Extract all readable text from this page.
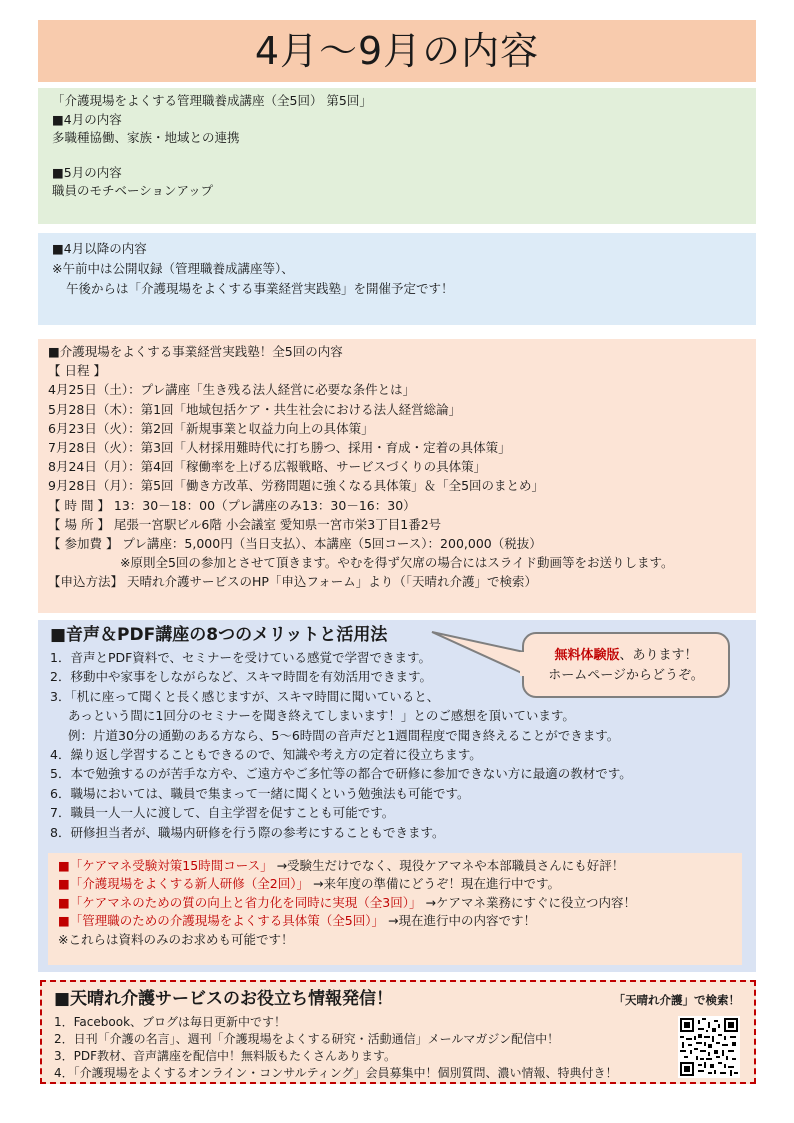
4月～9月の内容
「介護現場をよくする管理職養成講座（全5回） 第5回」
■4月の内容
多職種協働、家族・地域との連携
■5月の内容
職員のモチベーションアップ
■4月以降の内容
※午前中は公開収録（管理職養成講座等）、
午後からは「介護現場をよくする事業経営実践塾」を開催予定です！
■介護現場をよくする事業経営実践塾！全5回の内容
【 日程 】
4月25日（土）：プレ講座「生き残る法人経営に必要な条件とは」
5月28日（木）：第1回「地域包括ケア・共生社会における法人経営総論」
6月23日（火）：第2回「新規事業と収益力向上の具体策」
7月28日（火）：第3回「人材採用難時代に打ち勝つ、採用・育成・定着の具体策」
8月24日（月）：第4回「稼働率を上げる広報戦略、サービスづくりの具体策」
9月28日（月）：第5回「働き方改革、労務問題に強くなる具体策」＆「全5回のまとめ」
【 時 間 】 13：30－18：00（プレ講座のみ13：30－16：30）
【 場 所 】 尾張一宮駅ビル6階 小会議室 愛知県一宮市栄3丁目1番2号
【 参加費 】 プレ講座：5,000円（当日支払）、本講座（5回コース）：200,000（税抜）
※原則全5回の参加とさせて頂きます。やむを得ず欠席の場合にはスライド動画等をお送りします。
【申込方法】 天晴れ介護サービスのHP「申込フォーム」より（「天晴れ介護」で検索）
■音声＆PDF講座の8つのメリットと活用法
1．音声とPDF資料で、セミナーを受けている感覚で学習できます。
2．移動中や家事をしながらなど、スキマ時間を有効活用できます。
3．「机に座って聞くと長く感じますが、スキマ時間に聞いていると、
あっという間に1回分のセミナーを聞き終えてしまいます！」とのご感想を頂いています。
例：片道30分の通勤のある方なら、5～6時間の音声だと1週間程度で聞き終えることができます。
4．繰り返し学習することもできるので、知識や考え方の定着に役立ちます。
5．本で勉強するのが苦手な方や、ご遠方やご多忙等の都合で研修に参加できない方に最適の教材です。
6．職場においては、職員で集まって一緒に聞くという勉強法も可能です。
7．職員一人一人に渡して、自主学習を促すことも可能です。
8．研修担当者が、職場内研修を行う際の参考にすることもできます。
■「ケアマネ受験対策15時間コース」 →受験生だけでなく、現役ケアマネや本部職員さんにも好評！
■「介護現場をよくする新人研修（全2回）」 →来年度の準備にどうぞ！現在進行中です。
■「ケアマネのための質の向上と省力化を同時に実現（全3回）」 →ケアマネ業務にすぐに役立つ内容！
■「管理職のための介護現場をよくする具体策（全5回）」 →現在進行中の内容です！
※これらは資料のみのお求めも可能です！
無料体験版、あります！
ホームページからどうぞ。
■天晴れ介護サービスのお役立ち情報発信！
1．Facebook、ブログは毎日更新中です！
2．日刊「介護の名言」、週刊「介護現場をよくする研究・活動通信」メールマガジン配信中！
3．PDF教材、音声講座を配信中！無料版もたくさんあります。
4．「介護現場をよくするオンライン・コンサルティング」会員募集中！個別質問、濃い情報、特典付き！
「天晴れ介護」で検索！
